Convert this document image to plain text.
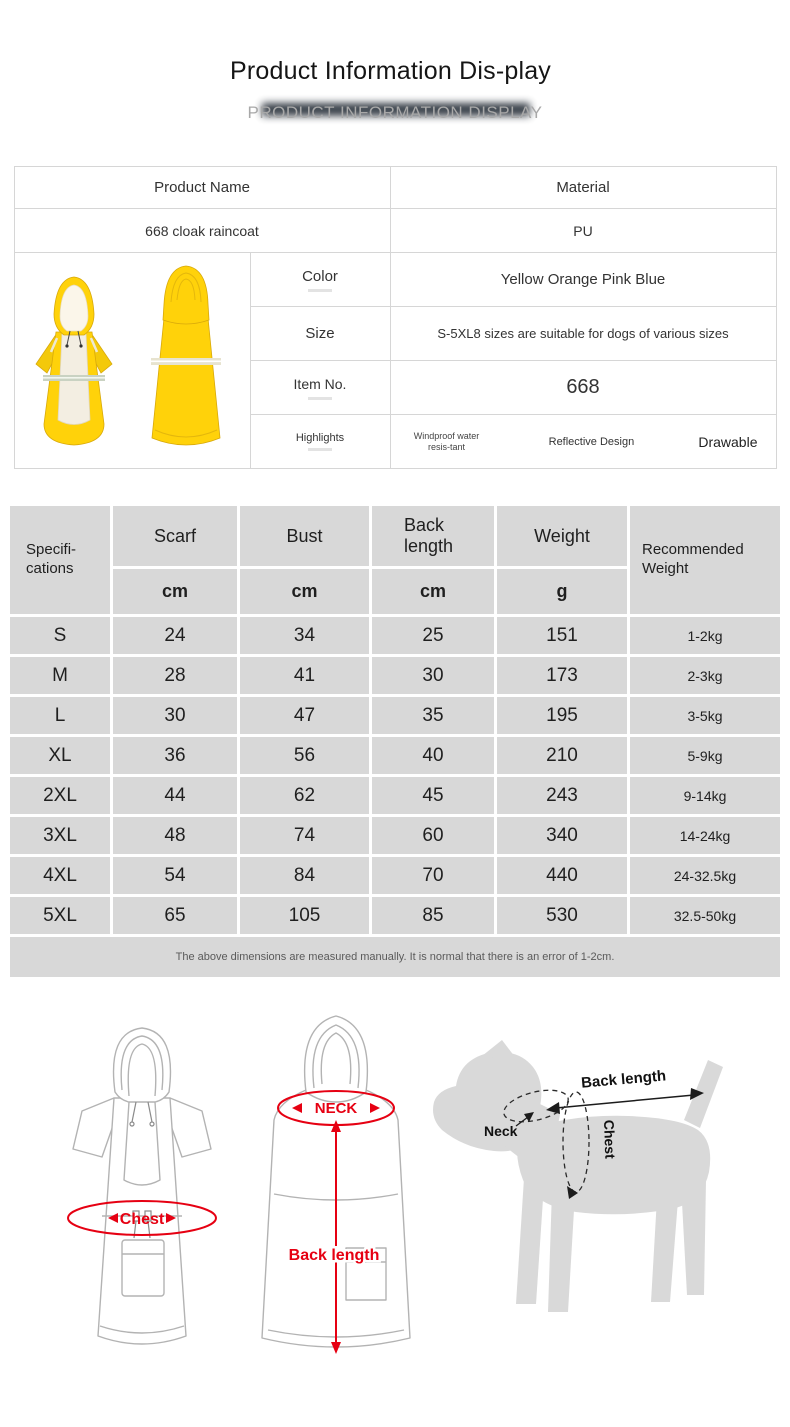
Product Information Dis-play
PRODUCT INFORMATION DISPLAY
Product Name		Material
668 cloak raincoat		PU

	Color	Yellow Orange Pink Blue
	Size	S-5XL8 sizes are suitable for dogs of various sizes
	Item No.	668
	Highlights	Windproof water resis-tant Reflective Design Drawable
Specifi-cations	Scarf	Bust	Back length	Weight	Recommended Weight
	cm	cm	cm	g	
S	24	34	25	151	1-2kg
M	28	41	30	173	2-3kg
L	30	47	35	195	3-5kg
XL	36	56	40	210	5-9kg
2XL	44	62	45	243	9-14kg
3XL	48	74	60	340	14-24kg
4XL	54	84	70	440	24-32.5kg
5XL	65	105	85	530	32.5-50kg
The above dimensions are measured manually. It is normal that there is an error of 1-2cm.					
Chest
NECK
Back length
Back length
Neck	Chest
